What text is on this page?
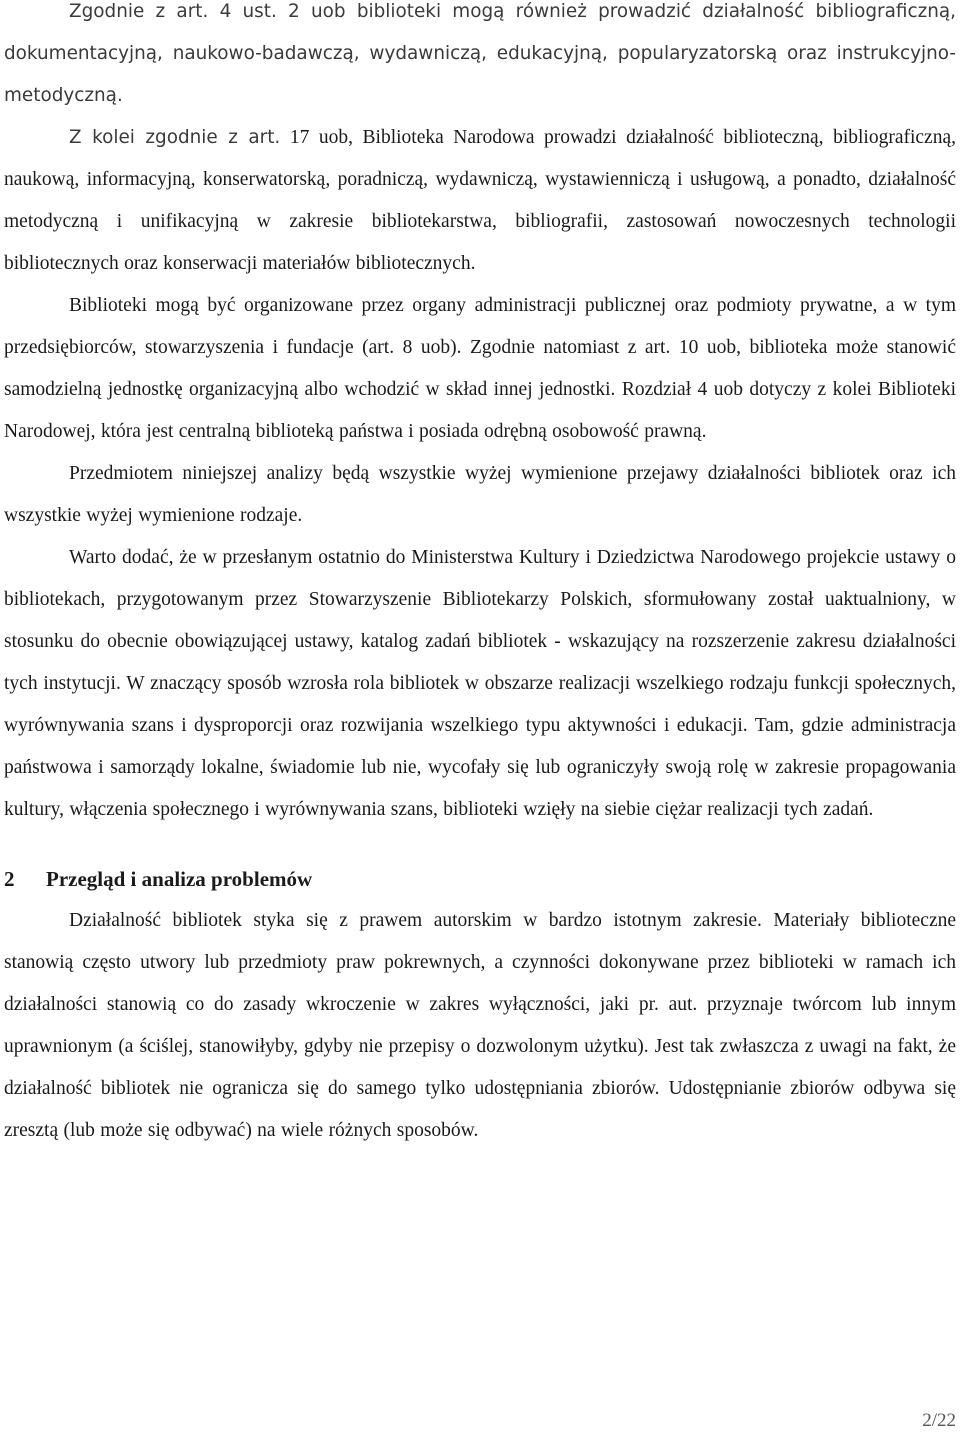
Zgodnie z art. 4 ust. 2 uob biblioteki mogą również prowadzić działalność bibliograficzną, dokumentacyjną, naukowo-badawczą, wydawniczą, edukacyjną, popularyzatorską oraz instrukcyjno-metodyczną.

Z kolei zgodnie z art. 17 uob, Biblioteka Narodowa prowadzi działalność biblioteczną, bibliograficzną, naukową, informacyjną, konserwatorską, poradniczą, wydawniczą, wystawienniczą i usługową, a ponadto, działalność metodyczną i unifikacyjną w zakresie bibliotekarstwa, bibliografii, zastosowań nowoczesnych technologii bibliotecznych oraz konserwacji materiałów bibliotecznych.

Biblioteki mogą być organizowane przez organy administracji publicznej oraz podmioty prywatne, a w tym przedsiębiorców, stowarzyszenia i fundacje (art. 8 uob). Zgodnie natomiast z art. 10 uob, biblioteka może stanowić samodzielną jednostkę organizacyjną albo wchodzić w skład innej jednostki. Rozdział 4 uob dotyczy z kolei Biblioteki Narodowej, która jest centralną biblioteką państwa i posiada odrębną osobowość prawną.

Przedmiotem niniejszej analizy będą wszystkie wyżej wymienione przejawy działalności bibliotek oraz ich wszystkie wyżej wymienione rodzaje.

Warto dodać, że w przesłanym ostatnio do Ministerstwa Kultury i Dziedzictwa Narodowego projekcie ustawy o bibliotekach, przygotowanym przez Stowarzyszenie Bibliotekarzy Polskich, sformułowany został uaktualniony, w stosunku do obecnie obowiązującej ustawy, katalog zadań bibliotek - wskazujący na rozszerzenie zakresu działalności tych instytucji. W znaczący sposób wzrosła rola bibliotek w obszarze realizacji wszelkiego rodzaju funkcji społecznych, wyrównywania szans i dysproporcji oraz rozwijania wszelkiego typu aktywności i edukacji. Tam, gdzie administracja państwowa i samorządy lokalne, świadomie lub nie, wycofały się lub ograniczyły swoją rolę w zakresie propagowania kultury, włączenia społecznego i wyrównywania szans, biblioteki wzięły na siebie ciężar realizacji tych zadań.

2 Przegląd i analiza problemów

Działalność bibliotek styka się z prawem autorskim w bardzo istotnym zakresie. Materiały biblioteczne stanowią często utwory lub przedmioty praw pokrewnych, a czynności dokonywane przez biblioteki w ramach ich działalności stanowią co do zasady wkroczenie w zakres wyłączności, jaki pr. aut. przyznaje twórcom lub innym uprawnionym (a ściślej, stanowiłyby, gdyby nie przepisy o dozwolonym użytku). Jest tak zwłaszcza z uwagi na fakt, że działalność bibliotek nie ogranicza się do samego tylko udostępniania zbiorów. Udostępnianie zbiorów odbywa się zresztą (lub może się odbywać) na wiele różnych sposobów.

2/22
